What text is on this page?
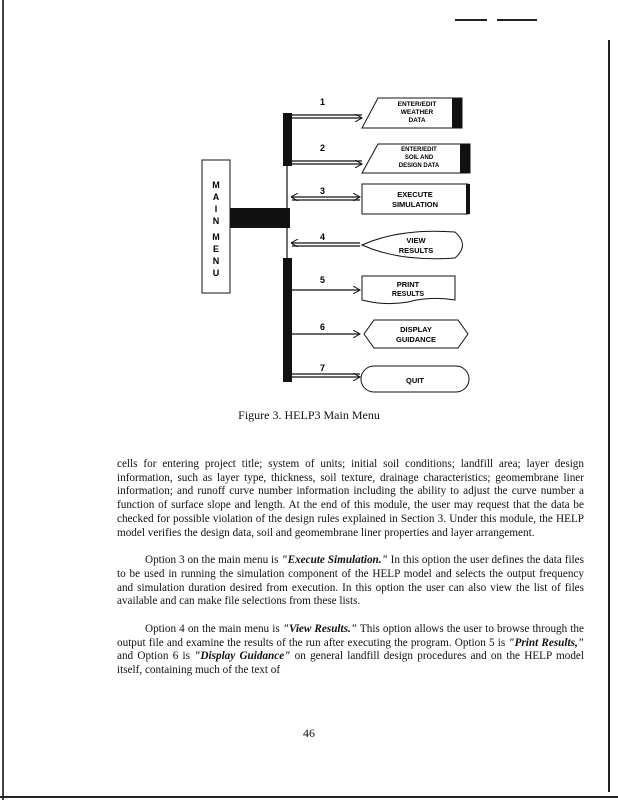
M
A
I
N
M
E
N
U
1	ENTER/EDIT
WEATHER
DATA
2	ENTER/EDIT
SOIL AND
DESIGN DATA
3	EXECUTE
SIMULATION
4	VIEW
RESULTS
5	PRINT
RESULTS
6	DISPLAY
GUIDANCE
7
QUIT
Figure 3. HELP3 Main Menu

cells for entering project title; system of units; initial soil conditions; landfill area; layer design information, such as layer type, thickness, soil texture, drainage characteristics; geomembrane liner information; and runoff curve number information including the ability to adjust the curve number a function of surface slope and length. At the end of this module, the user may request that the data be checked for possible violation of the design rules explained in Section 3. Under this module, the HELP model verifies the design data, soil and geomembrane liner properties and layer arrangement.

Option 3 on the main menu is "Execute Simulation." In this option the user defines the data files to be used in running the simulation component of the HELP model and selects the output frequency and simulation duration desired from execution. In this option the user can also view the list of files available and can make file selections from these lists.

Option 4 on the main menu is "View Results." This option allows the user to browse through the output file and examine the results of the run after executing the program. Option 5 is "Print Results," and Option 6 is "Display Guidance" on general landfill design procedures and on the HELP model itself, containing much of the text of

46
